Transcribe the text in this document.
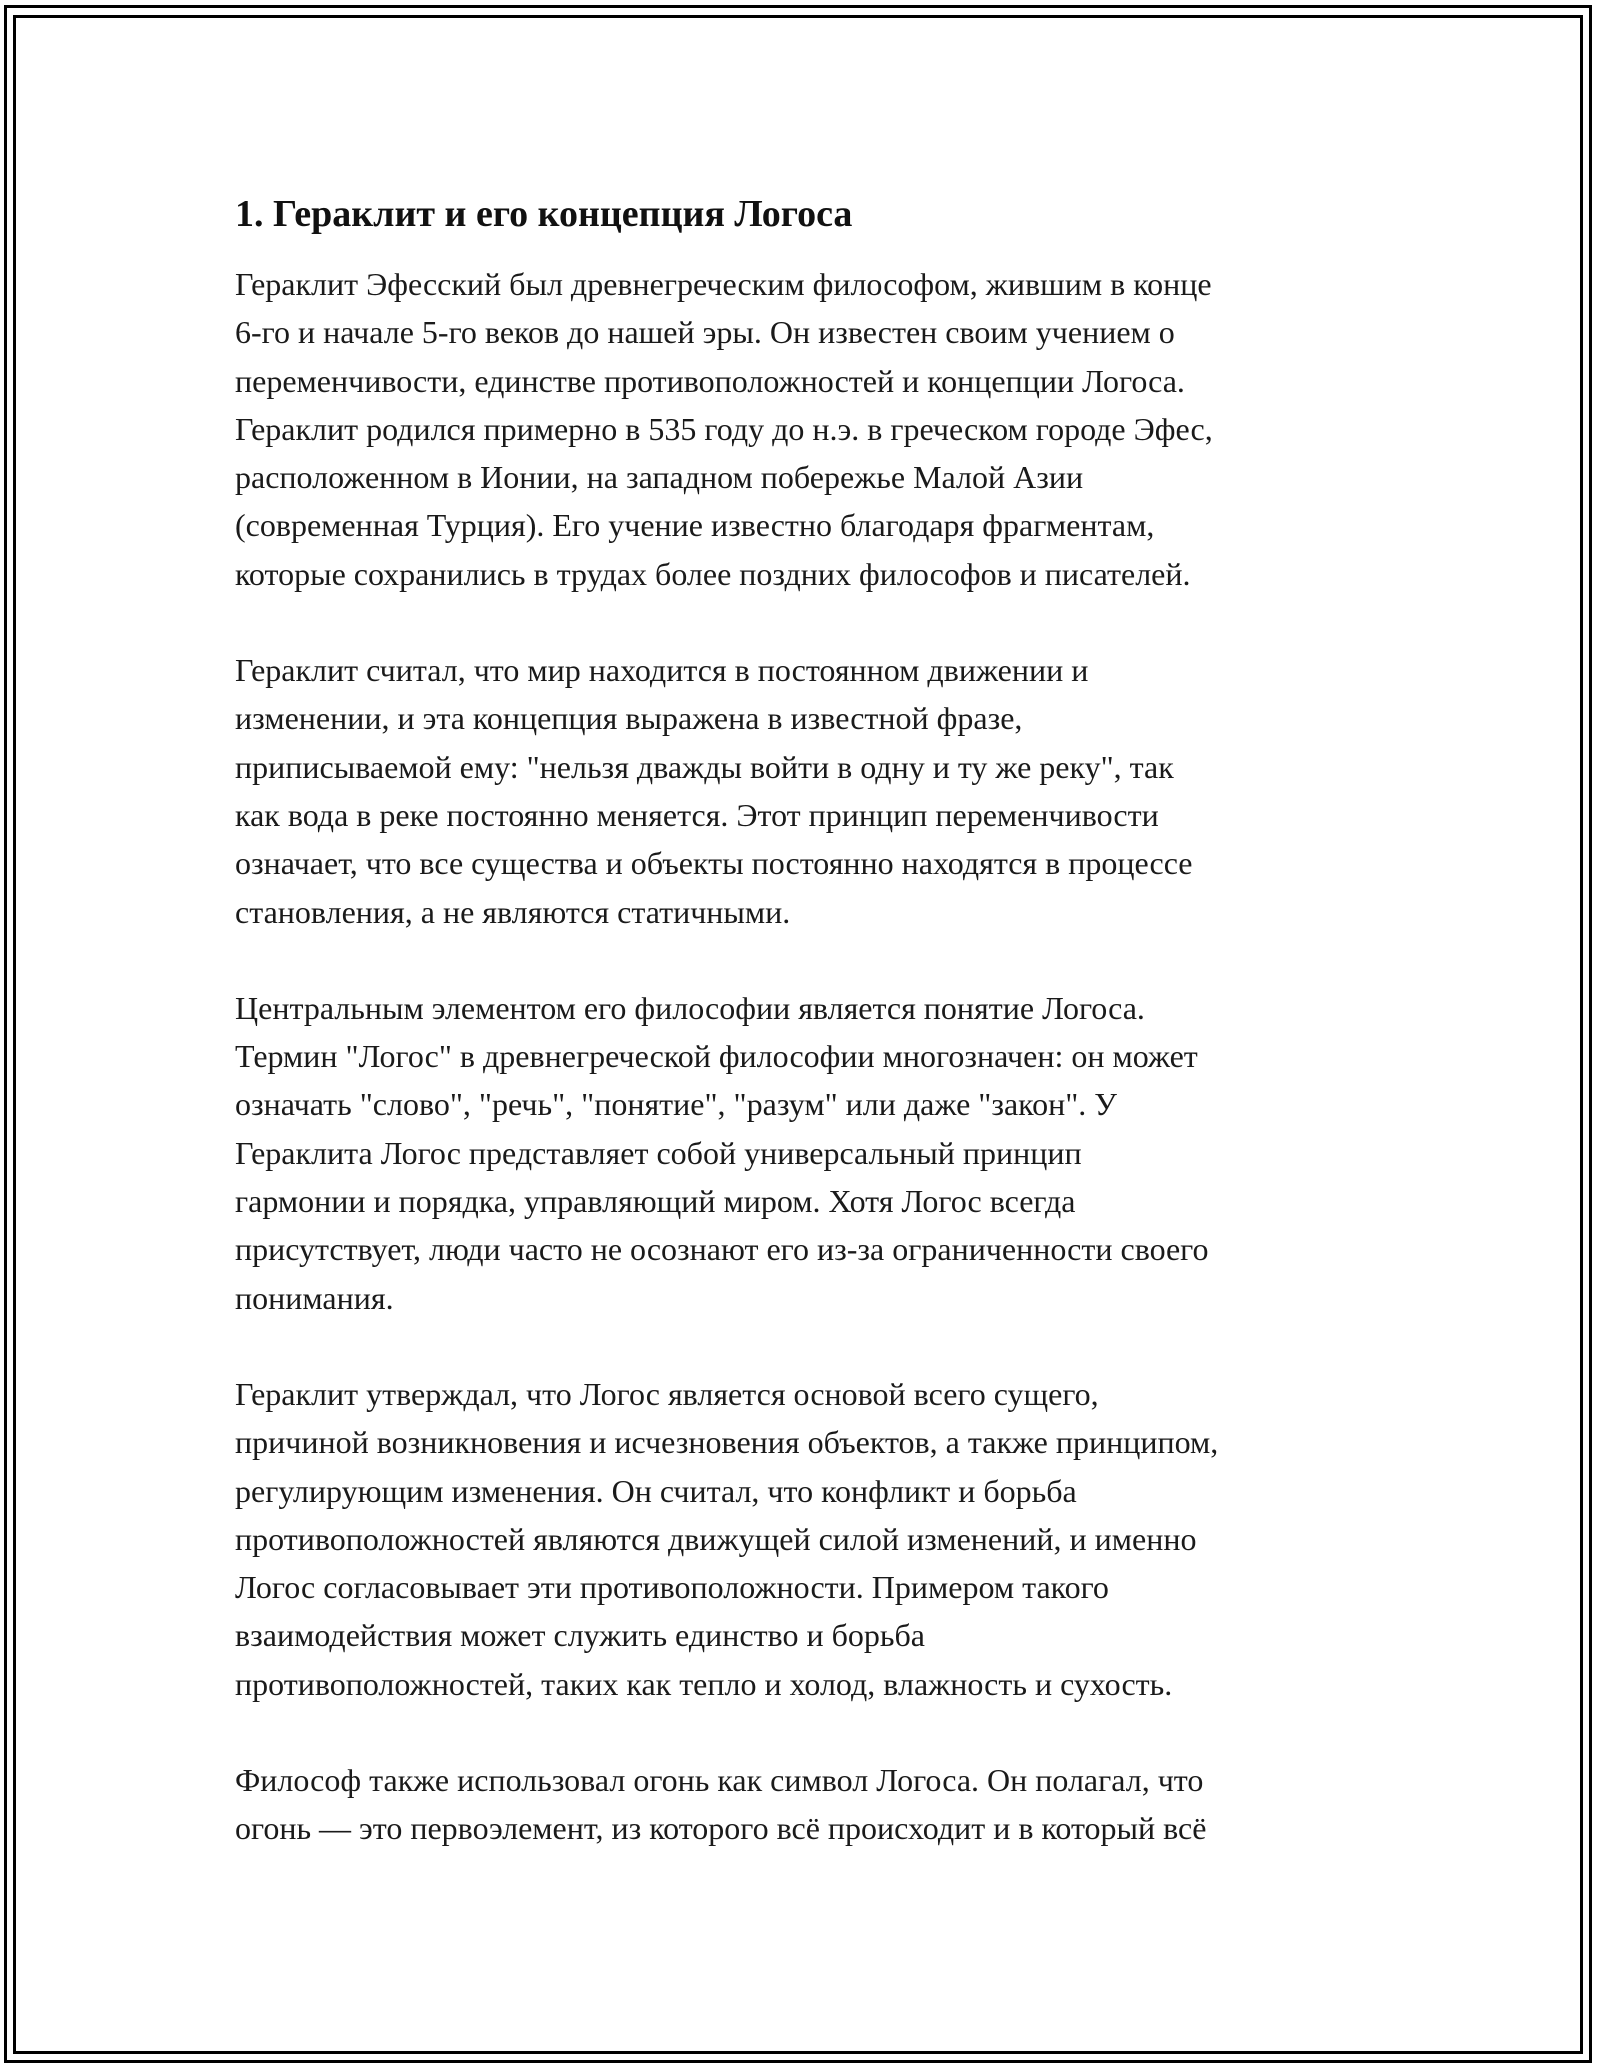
1. Гераклит и его концепция Логоса

Гераклит Эфесский был древнегреческим философом, жившим в конце
6-го и начале 5-го веков до нашей эры. Он известен своим учением о
переменчивости, единстве противоположностей и концепции Логоса.
Гераклит родился примерно в 535 году до н.э. в греческом городе Эфес,
расположенном в Ионии, на западном побережье Малой Азии
(современная Турция). Его учение известно благодаря фрагментам,
которые сохранились в трудах более поздних философов и писателей.

Гераклит считал, что мир находится в постоянном движении и
изменении, и эта концепция выражена в известной фразе,
приписываемой ему: "нельзя дважды войти в одну и ту же реку", так
как вода в реке постоянно меняется. Этот принцип переменчивости
означает, что все существа и объекты постоянно находятся в процессе
становления, а не являются статичными.

Центральным элементом его философии является понятие Логоса.
Термин "Логос" в древнегреческой философии многозначен: он может
означать "слово", "речь", "понятие", "разум" или даже "закон". У
Гераклита Логос представляет собой универсальный принцип
гармонии и порядка, управляющий миром. Хотя Логос всегда
присутствует, люди часто не осознают его из-за ограниченности своего
понимания.

Гераклит утверждал, что Логос является основой всего сущего,
причиной возникновения и исчезновения объектов, а также принципом,
регулирующим изменения. Он считал, что конфликт и борьба
противоположностей являются движущей силой изменений, и именно
Логос согласовывает эти противоположности. Примером такого
взаимодействия может служить единство и борьба
противоположностей, таких как тепло и холод, влажность и сухость.

Философ также использовал огонь как символ Логоса. Он полагал, что
огонь — это первоэлемент, из которого всё происходит и в который всё
